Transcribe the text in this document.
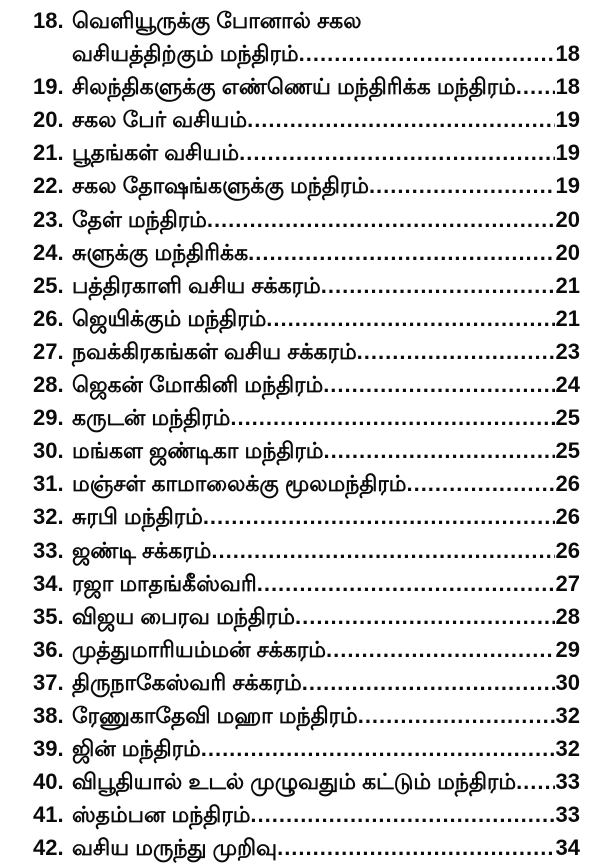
18. வெளியூருக்கு போனால் சகல
வசியத்திற்கும் மந்திரம் .....	18
19. சிலந்திகளுக்கு எண்ணெய் மந்திரிக்க மந்திரம் ..... 18
20. சகல பேர் வசியம் .....	19
21. பூதங்கள் வசியம் .....	19
22. சகல தோஷங்களுக்கு மந்திரம் .....	19
23. தேள் மந்திரம் .....	20
24. சுளுக்கு மந்திரிக்க .....	20
25. பத்திரகாளி வசிய சக்கரம் .....	21
26. ஜெயிக்கும் மந்திரம் .....	21
27. நவக்கிரகங்கள் வசிய சக்கரம் .....	23
28. ஜெகன் மோகினி மந்திரம் .....	24
29. கருடன் மந்திரம் .....	25
30. மங்கள ஜண்டிகா மந்திரம் .....	25
31. மஞ்சள் காமாலைக்கு மூலமந்திரம் .....	26
32. சுரபி மந்திரம் .....	26
33. ஜண்டி சக்கரம் .....	26
34. ரஜா மாதங்கீஸ்வரி .....	27
35. விஜய பைரவ மந்திரம் .....	28
36. முத்துமாரியம்மன் சக்கரம் .....	29
37. திருநாகேஸ்வரி சக்கரம் .....	30
38. ரேணுகாதேவி மஹா மந்திரம் .....	32
39. ஜின் மந்திரம் .....	32
40. விபூதியால் உடல் முழுவதும் கட்டும் மந்திரம் ..... 33
41. ஸ்தம்பன மந்திரம் .....	33
42. வசிய மருந்து முறிவு .....	34
